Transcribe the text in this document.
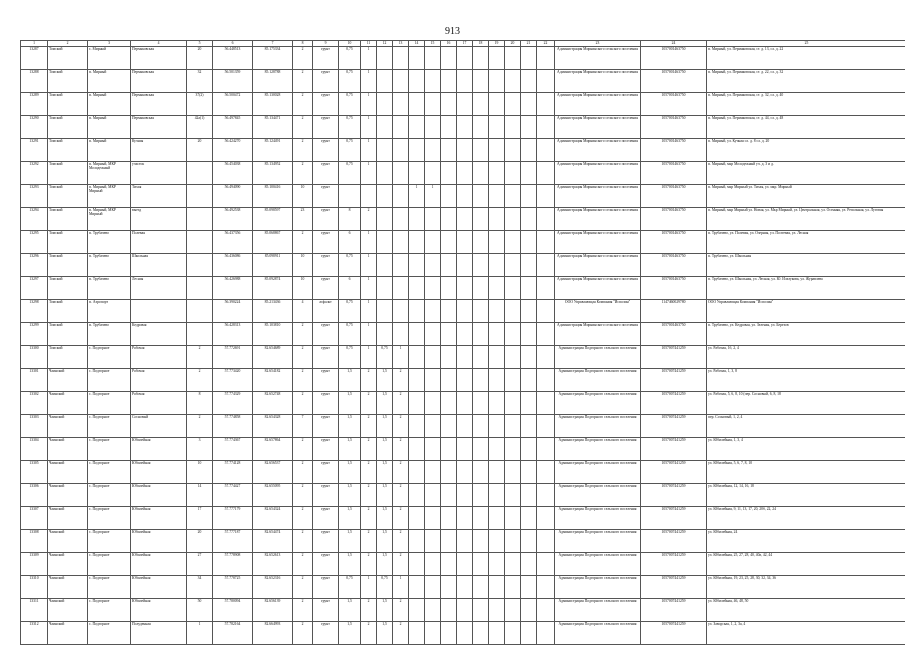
913
1	2	3	4	5	6	7	8	9	10	11	12	13	14	15	16	17	18	19	20	21	22	23	24	25
13287	Томский	с. Мирный	Пермяковская	20	56.448513	85.175334	2	грунт	0,75	1												Администрация Мирнинского сельского поселения	1057001463750	п. Мирный, ул. Пермяковская, ст. д. 13, сл. д. 22
13288	Томский	п. Мирный	Пермяковская	32	56.501359	85.128788	2	грунт	0,75	1												Администрация Мирнинского сельского поселения	1057001463750	п. Мирный, ул. Пермяковская, ст. д. 22, сл. д. 32
13289	Томский	п. Мирный	Пермяковская	37(2)	56.500472	85.130028	2	грунт	0,75	1												Администрация Мирнинского сельского поселения	1057001463750	п. Мирный, ул. Пермяковская, ст. д. 32, сл. д. 40
13290	Томский	п. Мирный	Пермяковская	42а(1)	56.497845	85.134471	2	грунт	0,75	1												Администрация Мирнинского сельского поселения	1057001463750	п. Мирный, ул. Пермяковская, ст. д. 44, сл. д. 48
13291	Томский	п. Мирный	Кучная	20	56.424270	85.124491	2	грунт	0,75	1												Администрация Мирнинского сельского поселения	1057001463750	п. Мирный, ул. Кучная сл. д. 8 сл. д. 20
13292	Томский	п. Мирный, МКР Молодежный	участок		56.454038	85.134952	2	грунт	0,75	1												Администрация Мирнинского сельского поселения	1057001463750	п. Мирный, мкр Молодежный уч. д. 3 и д.
13293	Томский	п. Мирный, МКР Мирный	Тихая		56.494090	85.100416	10	грунт					1	1								Администрация Мирнинского сельского поселения	1057001463750	п. Мирный, мкр Мирный ул. Тихая, ул. мкр. Мирный
13294	Томский	п. Мирный, МКР Мирный	выезд		56.492538	85.098597	23	грунт	8	2												Администрация Мирнинского сельского поселения	1057001463750	п. Мирный, мкр Мирный ул. Новая, ул. Мкр Мирный, ул. Центральная, ул. Осенняя, ул. Репольная, ул. Луговая
13295	Томский	п. Трубачево	Полевая		56.437356	85.068867	2	грунт	6	1												Администрация Мирнинского сельского поселения	1057001463750	п. Трубачево, ул. Полевая, ул. Озерная, ул. Полтевая, ул. Лесная
13296	Томский	п. Трубачево	Школьная		56.436086	85.098911	10	грунт	0,75	1												Администрация Мирнинского сельского поселения	1057001463750	п. Трубачево, ул. Школьная
13297	Томский	п. Трубачево	Лесная		56.426988	85.092874	10	грунт	6	1												Администрация Мирнинского сельского поселения	1057001463750	п. Трубачево, ул. Школьная, ул. Лесная, ул. Ю. Ильтукова, ул. Журавлева
13298	Томский	п. Аэропорт			56.390224	85.213436	4	асфальт	0,75	1												ООО Управляющая Компания "Исполин"	1147460029780	ООО Управляющая Компания "Исполин"
13299	Томский	п. Трубачево	Кедровая		56.428313	85.103810	2	грунт	0,75	1												Администрация Мирнинского сельского поселения	1057001463750	п. Трубачево, ул. Кедровая, ул. Зеленая, ул. Березов
13300	Томский	с. Подгорное	Рабочая	2	57.772691	82.654689	2	грунт	0,75	1	0,75	1										Администрация Подгорного сельского поселения	1057007441259	ул. Рабочая, 1б, 2, 4
13301	Чаинский	с. Подгорное	Рабочая	2	57.773420	82.654182	2	грунт	1,5	2	1,5	2										Администрация Подгорного сельского поселения	1057007441259	ул. Рабочая, 1, 3, 8
13302	Чаинский	с. Подгорное	Рабочая	8	57.774329	82.652748	2	грунт	1,5	2	1,5	2										Администрация Подгорного сельского поселения	1057007441259	ул. Рабочая, 5, 6, 8, 10 (пер. Сосновый, 6, 8, 18
13303	Чаинский	с. Подгорное	Сосновый	2	57.774858	82.654328	7	грунт	1,5	2	1,5	2										Администрация Подгорного сельского поселения	1057007441259	пер. Сосновый, 1, 2, 4
13304	Чаинский	с. Подгорное	Юбилейная	3	57.774367	82.657864	2	грунт	1,5	2	1,5	2										Администрация Подгорного сельского поселения	1057007441259	ул. Юбилейная, 1, 3, 4
13305	Чаинский	с. Подгорное	Юбилейная	10	57.774128	82.656537	2	грунт	1,5	2	1,5	2										Администрация Подгорного сельского поселения	1057007441259	ул. Юбилейная, 5, 6, 7, 8, 10
13306	Чаинский	с. Подгорное	Юбилейная	14	57.774427	82.655095	2	грунт	1,5	2	1,5	2										Администрация Подгорного сельского поселения	1057007441259	ул. Юбилейная, 12, 14, 16, 18
13307	Чаинский	с. Подгорное	Юбилейная	17	57.777179	82.654324	2	грунт	1,5	2	1,5	2										Администрация Подгорного сельского поселения	1057007441259	ул. Юбилейная, 9, 11, 13, 17, 20, 20б, 22, 24
13308	Чаинский	с. Подгорное	Юбилейная	20	57.777187	82.654474	2	грунт	1,5	2	1,5	2										Администрация Подгорного сельского поселения	1057007441259	ул. Юбилейная, 24
13309	Чаинский	с. Подгорное	Юбилейная	27	57.778908	82.652613	2	грунт	1,5	2	1,5	2										Администрация Подгорного сельского поселения	1057007441259	ул. Юбилейная, 25, 27, 28, 40, 40а, 42, 44
13310	Чаинский	с. Подгорное	Юбилейная	34	57.778725	82.652316	2	грунт	0,75	1	0,75	1										Администрация Подгорного сельского поселения	1057007441259	ул. Юбилейная, 19, 23, 25, 28, 30, 32, 34, 36
13311	Чаинский	с. Подгорное	Юбилейная	50	57.780094	82.656139	2	грунт	1,5	2	1,5	2										Администрация Подгорного сельского поселения	1057007441259	ул. Юбилейная, 46, 48, 50
13312	Чаинский	с. Подгорное	Полуденная	1	57.782164	82.664993	2	грунт	1,5	2	1,5	2										Администрация Подгорного сельского поселения	1057007441259	ул. Заводская, 1, 2, 3а, 4
